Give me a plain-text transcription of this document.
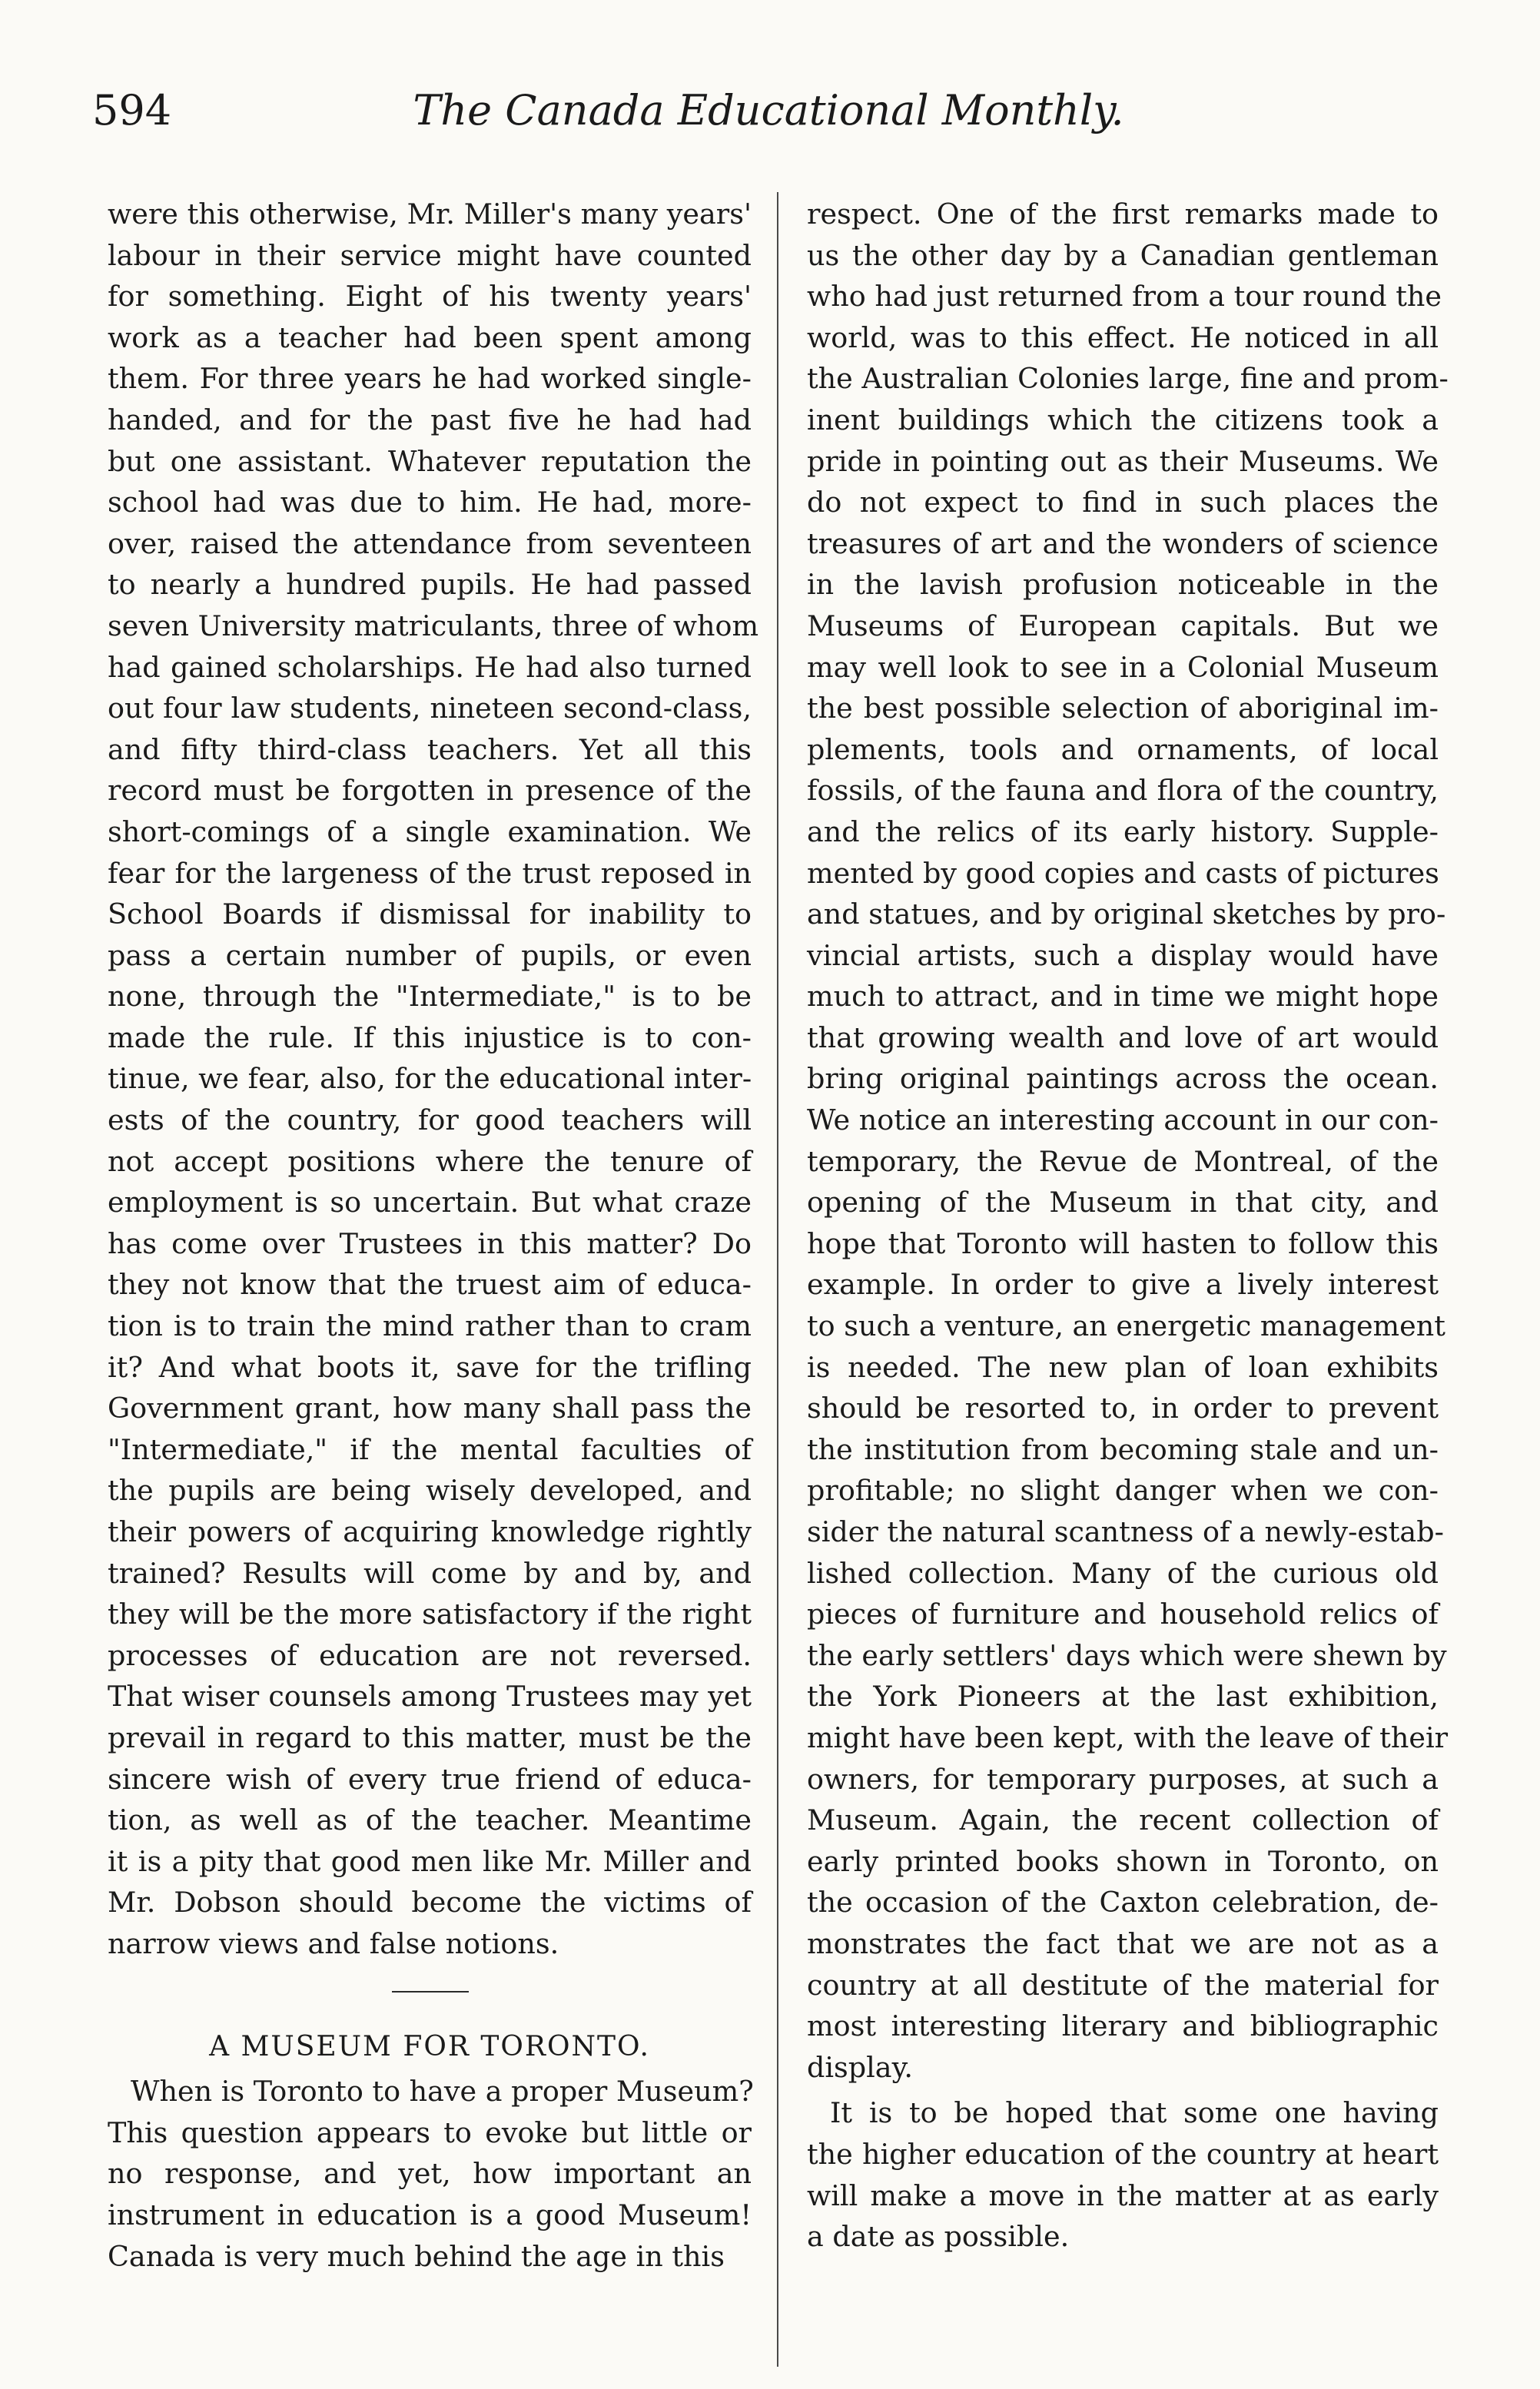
594	The Canada Educational Monthly.
were this otherwise, Mr. Miller's many years'
labour in their service might have counted
for something. Eight of his twenty years'
work as a teacher had been spent among
them. For three years he had worked single-
handed, and for the past five he had had
but one assistant. Whatever reputation the
school had was due to him. He had, more-
over, raised the attendance from seventeen
to nearly a hundred pupils. He had passed
seven University matriculants, three of whom
had gained scholarships. He had also turned
out four law students, nineteen second-class,
and fifty third-class teachers. Yet all this
record must be forgotten in presence of the
short-comings of a single examination. We
fear for the largeness of the trust reposed in
School Boards if dismissal for inability to
pass a certain number of pupils, or even
none, through the "Intermediate," is to be
made the rule. If this injustice is to con-
tinue, we fear, also, for the educational inter-
ests of the country, for good teachers will
not accept positions where the tenure of
employment is so uncertain. But what craze
has come over Trustees in this matter? Do
they not know that the truest aim of educa-
tion is to train the mind rather than to cram
it? And what boots it, save for the trifling
Government grant, how many shall pass the
"Intermediate," if the mental faculties of
the pupils are being wisely developed, and
their powers of acquiring knowledge rightly
trained? Results will come by and by, and
they will be the more satisfactory if the right
processes of education are not reversed.
That wiser counsels among Trustees may yet
prevail in regard to this matter, must be the
sincere wish of every true friend of educa-
tion, as well as of the teacher. Meantime
it is a pity that good men like Mr. Miller and
Mr. Dobson should become the victims of
narrow views and false notions.
A MUSEUM FOR TORONTO.
When is Toronto to have a proper Museum?
This question appears to evoke but little or
no response, and yet, how important an
instrument in education is a good Museum!
Canada is very much behind the age in this
respect. One of the first remarks made to
us the other day by a Canadian gentleman
who had just returned from a tour round the
world, was to this effect. He noticed in all
the Australian Colonies large, fine and prom-
inent buildings which the citizens took a
pride in pointing out as their Museums. We
do not expect to find in such places the
treasures of art and the wonders of science
in the lavish profusion noticeable in the
Museums of European capitals. But we
may well look to see in a Colonial Museum
the best possible selection of aboriginal im-
plements, tools and ornaments, of local
fossils, of the fauna and flora of the country,
and the relics of its early history. Supple-
mented by good copies and casts of pictures
and statues, and by original sketches by pro-
vincial artists, such a display would have
much to attract, and in time we might hope
that growing wealth and love of art would
bring original paintings across the ocean.
We notice an interesting account in our con-
temporary, the Revue de Montreal, of the
opening of the Museum in that city, and
hope that Toronto will hasten to follow this
example. In order to give a lively interest
to such a venture, an energetic management
is needed. The new plan of loan exhibits
should be resorted to, in order to prevent
the institution from becoming stale and un-
profitable; no slight danger when we con-
sider the natural scantness of a newly-estab-
lished collection. Many of the curious old
pieces of furniture and household relics of
the early settlers' days which were shewn by
the York Pioneers at the last exhibition,
might have been kept, with the leave of their
owners, for temporary purposes, at such a
Museum. Again, the recent collection of
early printed books shown in Toronto, on
the occasion of the Caxton celebration, de-
monstrates the fact that we are not as a
country at all destitute of the material for
most interesting literary and bibliographic
display.
It is to be hoped that some one having
the higher education of the country at heart
will make a move in the matter at as early
a date as possible.
